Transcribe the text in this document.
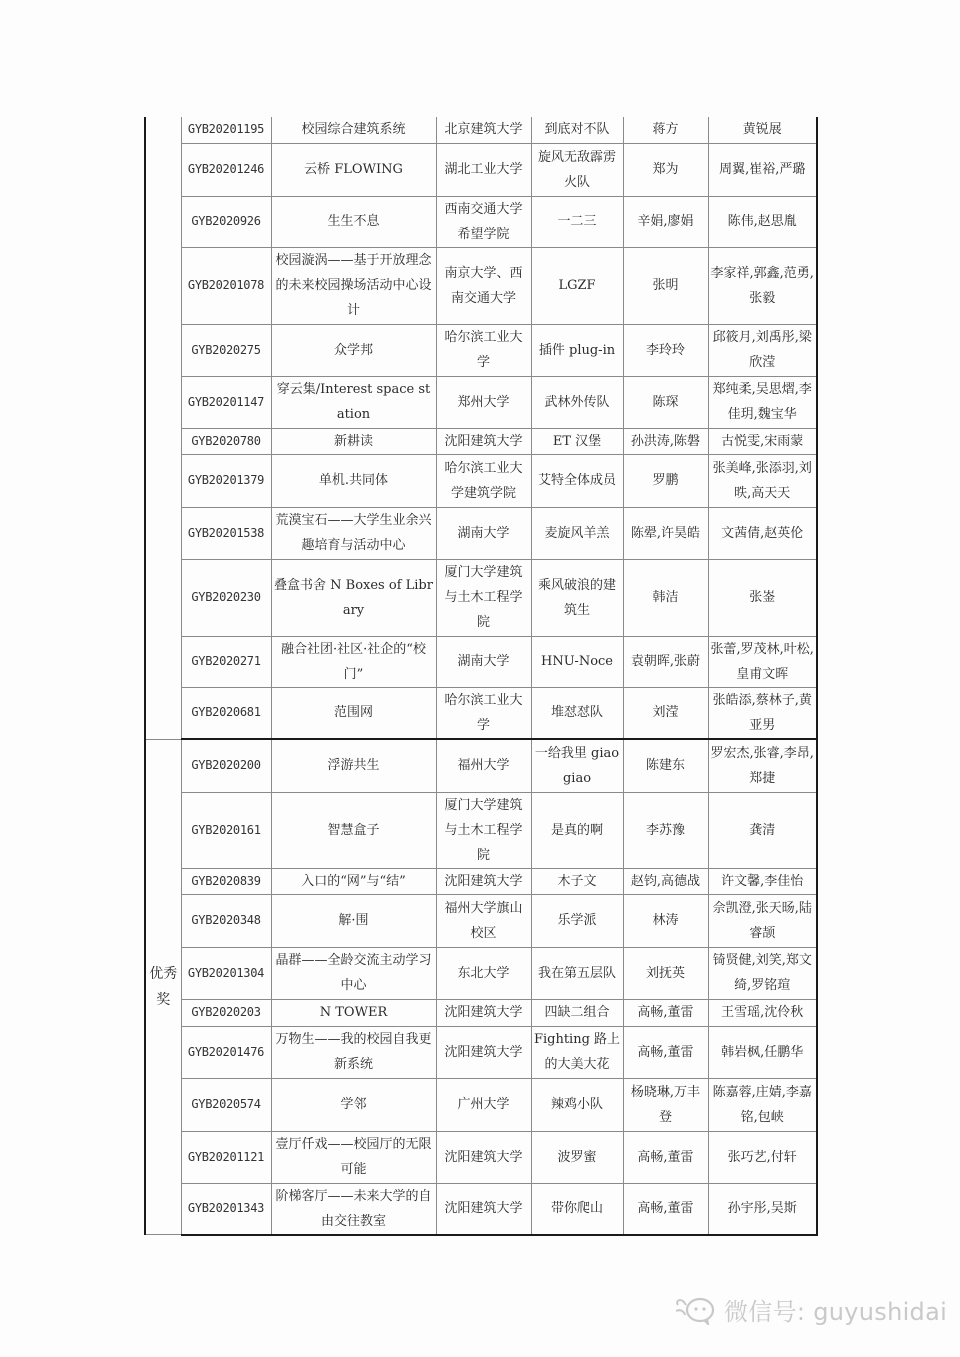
	GYB20201195	校园综合建筑系统	北京建筑大学	到底对不队	蒋方	黄锐展
	GYB20201246	云桥 FLOWING	湖北工业大学	旋风无敌霹雳火队	郑为	周翼,崔裕,严璐
	GYB2020926	生生不息	西南交通大学希望学院	一二三	辛娟,廖娟	陈伟,赵思胤
	GYB20201078	校园漩涡——基于开放理念的未来校园操场活动中心设计	南京大学、西南交通大学	LGZF	张明	李家祥,郭鑫,范勇,张毅
	GYB2020275	众学邦	哈尔滨工业大学	插件 plug-in	李玲玲	邱筱月,刘禹彤,梁欣滢
	GYB20201147	穿云集/Interest space station	郑州大学	武林外传队	陈琛	郑纯柔,吴思熠,李佳玥,魏宝华
	GYB2020780	新耕读	沈阳建筑大学	ET 汉堡	孙洪涛,陈磐	古悦雯,宋雨蒙
	GYB20201379	单机.共同体	哈尔滨工业大学建筑学院	艾特全体成员	罗鹏	张美峰,张添羽,刘昳,高天天
	GYB20201538	荒漠宝石——大学生业余兴趣培育与活动中心	湖南大学	麦旋风羊羔	陈翚,许昊皓	文茜倩,赵英伦
	GYB2020230	叠盒书舍 N Boxes of Library	厦门大学建筑与土木工程学院	乘风破浪的建筑生	韩洁	张崟
	GYB2020271	融合社团·社区·社企的“校门”	湖南大学	HNU-Noce	袁朝晖,张蔚	张蕾,罗茂林,叶松,皇甫文晖
	GYB2020681	范围网	哈尔滨工业大学	堆怼怼队	刘滢	张皓添,蔡林子,黄亚男
优秀奖	GYB2020200	浮游共生	福州大学	一给我里 giaogiao	陈建东	罗宏杰,张睿,李昂,郑捷
	GYB2020161	智慧盒子	厦门大学建筑与土木工程学院	是真的啊	李苏豫	龚清
	GYB2020839	入口的“网”与“结”	沈阳建筑大学	木子文	赵钧,高德战	许文馨,李佳怡
	GYB2020348	解·围	福州大学旗山校区	乐学派	林涛	佘凯澄,张天旸,陆睿颉
	GYB20201304	晶群——全龄交流主动学习中心	东北大学	我在第五层队	刘抚英	锜贤健,刘笑,郑文绮,罗铭瑄
	GYB2020203	N TOWER	沈阳建筑大学	四缺二组合	高畅,董雷	王雪瑶,沈伶秋
	GYB20201476	万物生——我的校园自我更新系统	沈阳建筑大学	Fighting 路上的大美大花	高畅,董雷	韩岩枫,任鹏华
	GYB2020574	学邻	广州大学	辣鸡小队	杨晓琳,万丰登	陈嘉蓉,庄婧,李嘉铭,包峡
	GYB20201121	壹厅仟戏——校园厅的无限可能	沈阳建筑大学	波罗蜜	高畅,董雷	张巧艺,付轩
	GYB20201343	阶梯客厅——未来大学的自由交往教室	沈阳建筑大学	带你爬山	高畅,董雷	孙宇彤,吴斯
微信号: guyushidai
